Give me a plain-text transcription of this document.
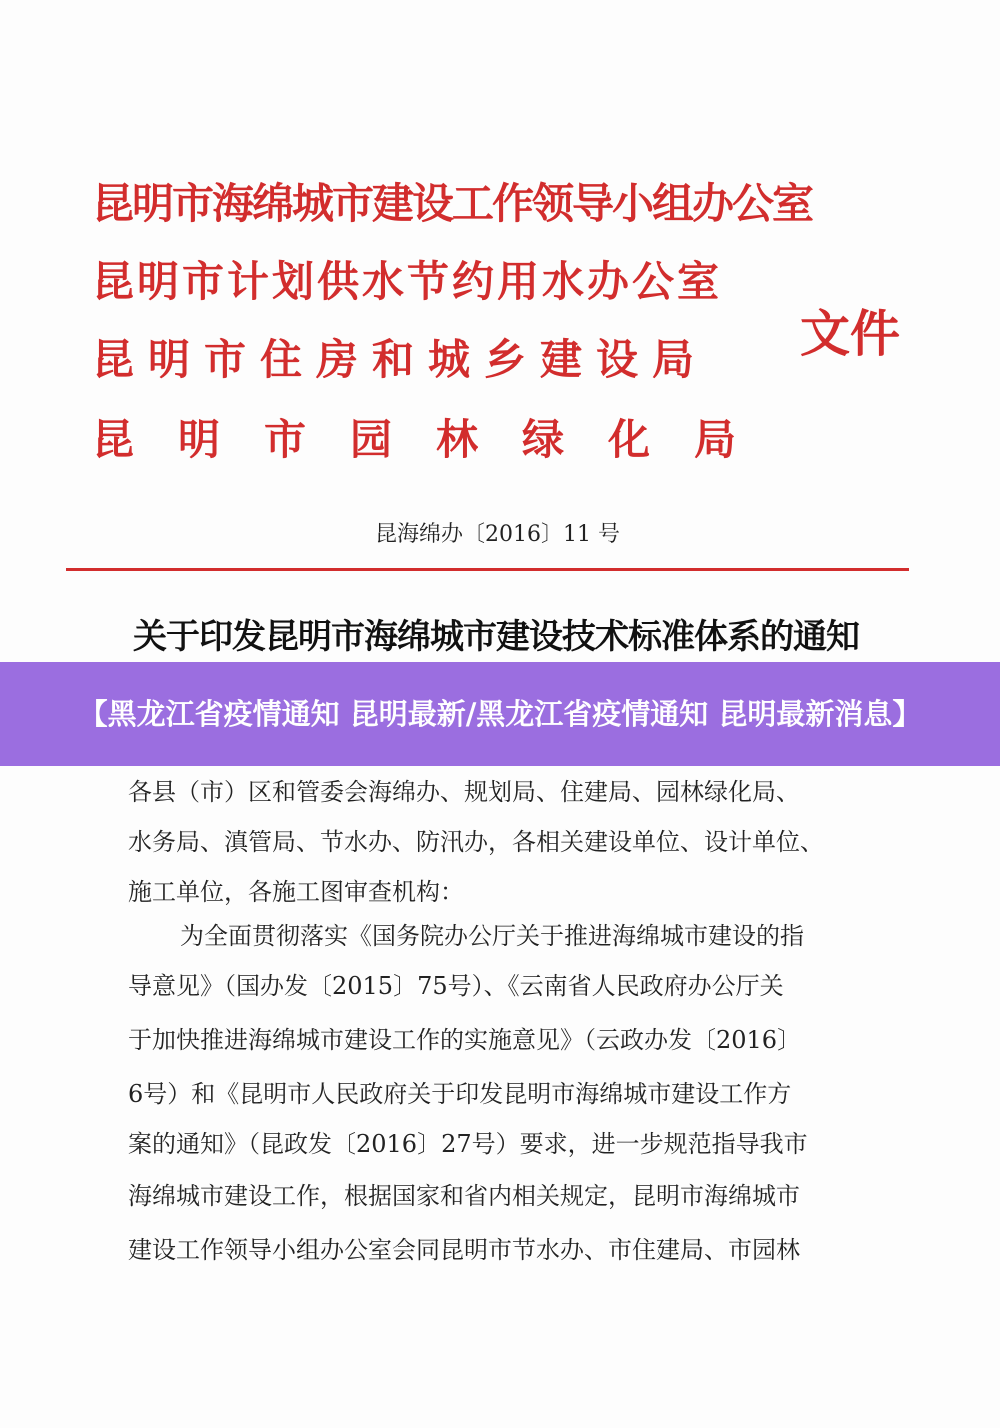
昆明市海绵城市建设工作领导小组办公室
昆明市计划供水节约用水办公室
昆明市住房和城乡建设局
昆明市园林绿化局
文件
昆海绵办〔2016〕11 号
关于印发昆明市海绵城市建设技术标准体系的通知
各县（市）区和管委会海绵办、规划局、住建局、园林绿化局、
水务局、滇管局、节水办、防汛办，各相关建设单位、设计单位、
施工单位，各施工图审查机构：
为全面贯彻落实《国务院办公厅关于推进海绵城市建设的指
导意见》（国办发〔2015〕75号）、《云南省人民政府办公厅关
于加快推进海绵城市建设工作的实施意见》（云政办发〔2016〕
6号）和《昆明市人民政府关于印发昆明市海绵城市建设工作方
案的通知》（昆政发〔2016〕27号）要求，进一步规范指导我市
海绵城市建设工作，根据国家和省内相关规定，昆明市海绵城市
建设工作领导小组办公室会同昆明市节水办、市住建局、市园林
【黑龙江省疫情通知 昆明最新/黑龙江省疫情通知 昆明最新消息】
